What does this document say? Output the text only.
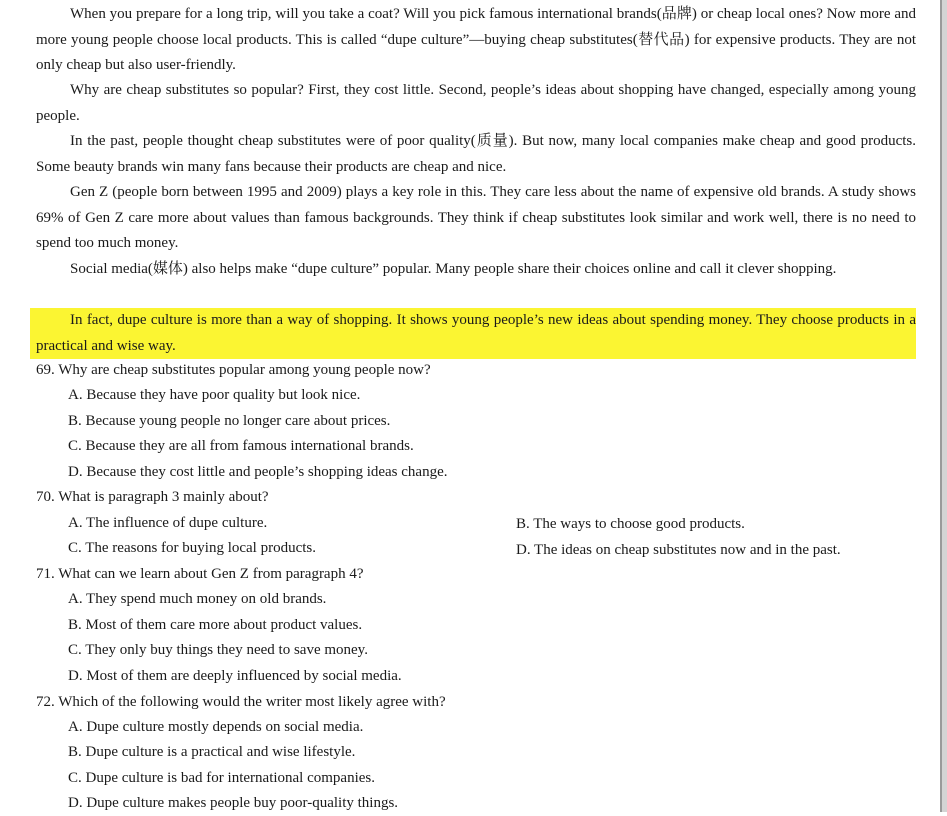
When you prepare for a long trip, will you take a coat? Will you pick famous international brands(品牌) or cheap local ones? Now more and more young people choose local products. This is called “dupe culture”—buying cheap substitutes(替代品) for expensive products. They are not only cheap but also user-friendly.

Why are cheap substitutes so popular? First, they cost little. Second, people’s ideas about shopping have changed, especially among young people.

In the past, people thought cheap substitutes were of poor quality(质量). But now, many local companies make cheap and good products. Some beauty brands win many fans because their products are cheap and nice.

Gen Z (people born between 1995 and 2009) plays a key role in this. They care less about the name of expensive old brands. A study shows 69% of Gen Z care more about values than famous backgrounds. They think if cheap substitutes look similar and work well, there is no need to spend too much money.

Social media(媒体) also helps make “dupe culture” popular. Many people share their choices online and call it clever shopping.

In fact, dupe culture is more than a way of shopping. It shows young people’s new ideas about spending money. They choose products in a practical and wise way.

69. Why are cheap substitutes popular among young people now?
A. Because they have poor quality but look nice.
B. Because young people no longer care about prices.
C. Because they are all from famous international brands.
D. Because they cost little and people’s shopping ideas change.
70. What is paragraph 3 mainly about?
A. The influence of dupe culture.	B. The ways to choose good products.
C. The reasons for buying local products.	D. The ideas on cheap substitutes now and in the past.
71. What can we learn about Gen Z from paragraph 4?
A. They spend much money on old brands.
B. Most of them care more about product values.
C. They only buy things they need to save money.
D. Most of them are deeply influenced by social media.
72. Which of the following would the writer most likely agree with?
A. Dupe culture mostly depends on social media.
B. Dupe culture is a practical and wise lifestyle.
C. Dupe culture is bad for international companies.
D. Dupe culture makes people buy poor-quality things.
